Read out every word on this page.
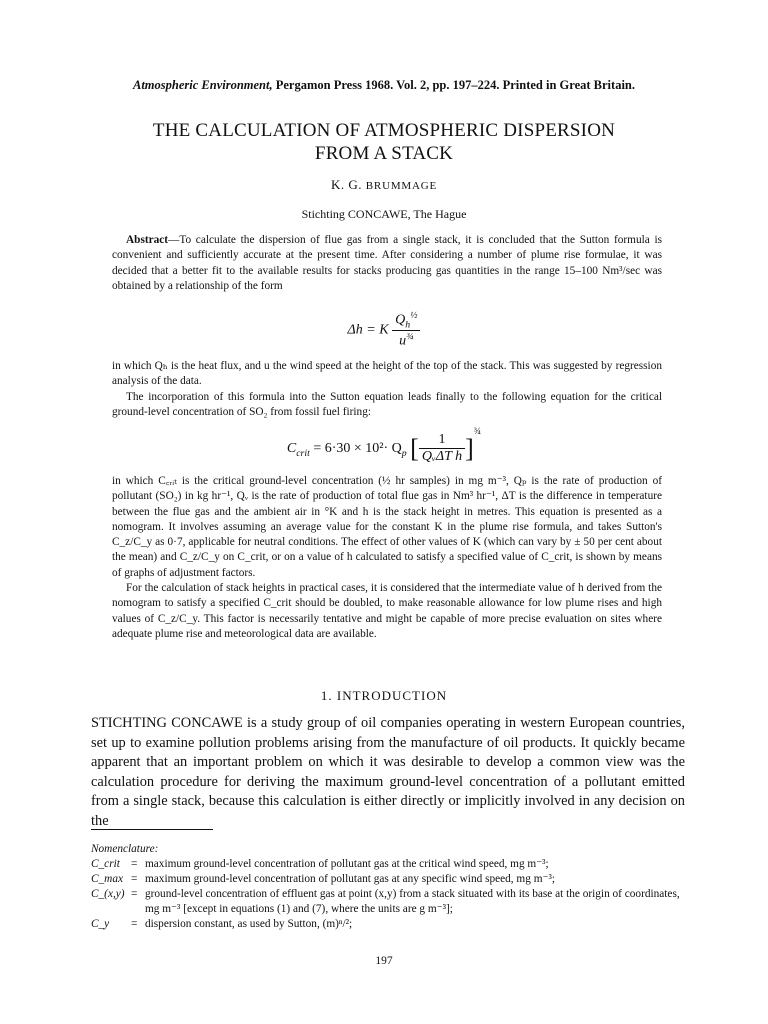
Atmospheric Environment, Pergamon Press 1968. Vol. 2, pp. 197–224. Printed in Great Britain.
THE CALCULATION OF ATMOSPHERIC DISPERSION
FROM A STACK
K. G. BRUMMAGE
Stichting CONCAWE, The Hague

Abstract—To calculate the dispersion of flue gas from a single stack, it is concluded that the Sutton formula is convenient and sufficiently accurate at the present time. After considering a number of plume rise formulae, it was decided that a better fit to the available results for stacks producing gas quantities in the range 15–100 Nm³/sec was obtained by a relationship of the form

Δh = K $\frac{Q_h^{\frac{1}{2}}}{u^{\frac{3}{4}}}$

in which Qₕ is the heat flux, and u the wind speed at the height of the top of the stack. This was suggested by regression analysis of the data.

The incorporation of this formula into the Sutton equation leads finally to the following equation for the critical ground-level concentration of SO₂ from fossil fuel firing:

$C_{crit} = 6\cdot 30 \times 10^2\cdot Q_p$ [ $\frac{1}{\text{QᵥΔT h}} ]^{\frac{3}{4}}$

in which C꜀ᵣᵢₜ is the critical ground-level concentration (½ hr samples) in mg m⁻³, Qₚ is the rate of production of pollutant (SO₂) in kg hr⁻¹, Qᵥ is the rate of production of total flue gas in Nm³ hr⁻¹, ΔT is the difference in temperature between the flue gas and the ambient air in °K and h is the stack height in metres. This equation is presented as a nomogram. It involves assuming an average value for the constant K in the plume rise formula, and takes Sutton's C_z/C_y as 0·7, applicable for neutral conditions. The effect of other values of K (which can vary by ± 50 per cent about the mean) and C_z/C_y on C_crit, or on a value of h calculated to satisfy a specified value of C_crit, is shown by means of graphs of adjustment factors.

For the calculation of stack heights in practical cases, it is considered that the intermediate value of h derived from the nomogram to satisfy a specified C_crit should be doubled, to make reasonable allowance for low plume rises and high values of C_z/C_y. This factor is necessarily tentative and might be capable of more precise evaluation on sites where adequate plume rise and meteorological data are available.

1. INTRODUCTION

STICHTING CONCAWE is a study group of oil companies operating in western European countries, set up to examine pollution problems arising from the manufacture of oil products. It quickly became apparent that an important problem on which it was desirable to develop a common view was the calculation procedure for deriving the maximum ground-level concentration of a pollutant emitted from a single stack, because this calculation is either directly or implicitly involved in any decision on the

Nomenclature:
C_crit = maximum ground-level concentration of pollutant gas at the critical wind speed, mg m⁻³;
C_max = maximum ground-level concentration of pollutant gas at any specific wind speed, mg m⁻³;
C_(x,y) = ground-level concentration of effluent gas at point (x,y) from a stack situated with its base at the origin of coordinates, mg m⁻³ [except in equations (1) and (7), where the units are g m⁻³];
C_y	= dispersion constant, as used by Sutton, (m)ⁿ/²;
197
